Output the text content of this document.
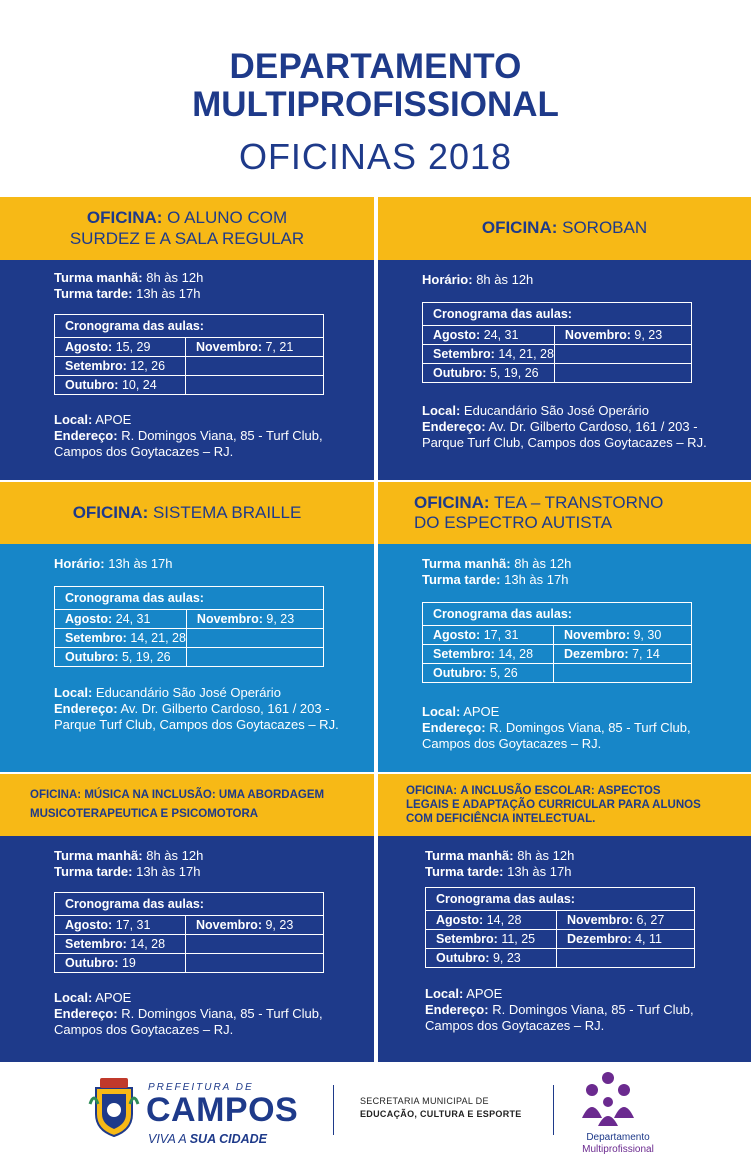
DEPARTAMENTO
MULTIPROFISSIONAL
OFICINAS 2018
OFICINA: O ALUNO COM
SURDEZ E A SALA REGULAR
Turma manhã: 8h às 12h
Turma tarde: 13h às 17h
Cronograma das aulas:	
Agosto: 15, 29	Novembro: 7, 21
Setembro: 12, 26	
Outubro: 10, 24	
Local: APOE
Endereço: R. Domingos Viana, 85 - Turf Club,
Campos dos Goytacazes – RJ.
OFICINA: SOROBAN
Horário: 8h às 12h
Cronograma das aulas:	
Agosto: 24, 31	Novembro: 9, 23
Setembro: 14, 21, 28	
Outubro: 5, 19, 26	
Local: Educandário São José Operário
Endereço: Av. Dr. Gilberto Cardoso, 161 / 203 -
Parque Turf Club, Campos dos Goytacazes – RJ.
OFICINA: SISTEMA BRAILLE
Horário: 13h às 17h
Cronograma das aulas:	
Agosto: 24, 31	Novembro: 9, 23
Setembro: 14, 21, 28	
Outubro: 5, 19, 26	
Local: Educandário São José Operário
Endereço: Av. Dr. Gilberto Cardoso, 161 / 203 -
Parque Turf Club, Campos dos Goytacazes – RJ.
OFICINA: TEA – TRANSTORNO
DO ESPECTRO AUTISTA
Turma manhã: 8h às 12h
Turma tarde: 13h às 17h
Cronograma das aulas:	
Agosto: 17, 31	Novembro: 9, 30
Setembro: 14, 28	Dezembro: 7, 14
Outubro: 5, 26	
Local: APOE
Endereço: R. Domingos Viana, 85 - Turf Club,
Campos dos Goytacazes – RJ.
OFICINA: MÚSICA NA INCLUSÃO: UMA ABORDAGEM
MUSICOTERAPEUTICA E PSICOMOTORA
Turma manhã: 8h às 12h
Turma tarde: 13h às 17h
Cronograma das aulas:	
Agosto: 17, 31	Novembro: 9, 23
Setembro: 14, 28	
Outubro: 19	
Local: APOE
Endereço: R. Domingos Viana, 85 - Turf Club,
Campos dos Goytacazes – RJ.
OFICINA: A INCLUSÃO ESCOLAR: ASPECTOS
LEGAIS E ADAPTAÇÃO CURRICULAR PARA ALUNOS
COM DEFICIÊNCIA INTELECTUAL.
Turma manhã: 8h às 12h
Turma tarde: 13h às 17h
Cronograma das aulas:	
Agosto: 14, 28	Novembro: 6, 27
Setembro: 11, 25	Dezembro: 4, 11
Outubro: 9, 23	
Local: APOE
Endereço: R. Domingos Viana, 85 - Turf Club,
Campos dos Goytacazes – RJ.
PREFEITURA DE
CAMPOS
VIVA A SUA CIDADE
SECRETARIA MUNICIPAL DE
EDUCAÇÃO, CULTURA E ESPORTE
Departamento
Multiprofissional
